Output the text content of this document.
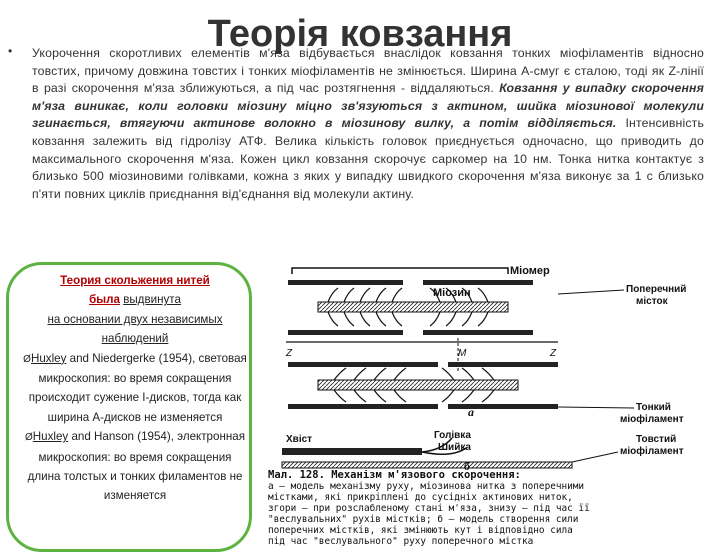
Теорія ковзання
• Укорочення скоротливих елементів м'яза відбувається внаслідок ковзання тонких міофіламентів відносно товстих, причому довжина товстих і тонких міофіламентів не змінюється. Ширина А-смуг є сталою, тоді як Z-лінії в разі скорочення м'яза зближуються, а під час розтягнення - віддаляються. Ковзання у випадку скорочення м'яза виникає, коли головки міозину міцно зв'язуються з актином, шийка міозинової молекули згинається, втягуючи актинове волокно в міозинову вилку, а потім відділяється. Інтенсивність ковзання залежить від гідролізу АТФ. Велика кількість головок приєднується одночасно, що приводить до максимального скорочення м'яза. Кожен цикл ковзання скорочує саркомер на 10 нм. Тонка нитка контактує з близько 500 міозиновими голівками, кожна з яких у випадку швидкого скорочення м'яза виконує за 1 с близько п'яти повних циклів приєднання від'єднання від молекули актину.
Теория скольжения нитей
была выдвинута
на основании двух независимых наблюдений
ØHuxley and Niedergerke (1954), световая микроскопия: во время сокращения происходит сужение I-дисков, тогда как ширина A-дисков не изменяется
ØHuxley and Hanson (1954), электронная микроскопия: во время сокращения длина толстых и тонких филаментов не изменяется
Міомер
Міозин	Поперечний
місток
Z	М	Z
а	Тонкий
міофіламент
Хвіст	Голівка
Шийка
Товстий
міофіламент
б
Мал. 128. Механізм м'язового скорочення:
а — модель механізму руху, міозинова нитка з поперечними
містками, які прикріплені до сусідніх актинових ниток,
згори — при розслабленому стані м'яза, знизу — під час її
"веслувальних" рухів містків; б — модель створення сили
поперечних містків, які змінюють кут і відповідно сила
під час "веслувального" руху поперечного містка
